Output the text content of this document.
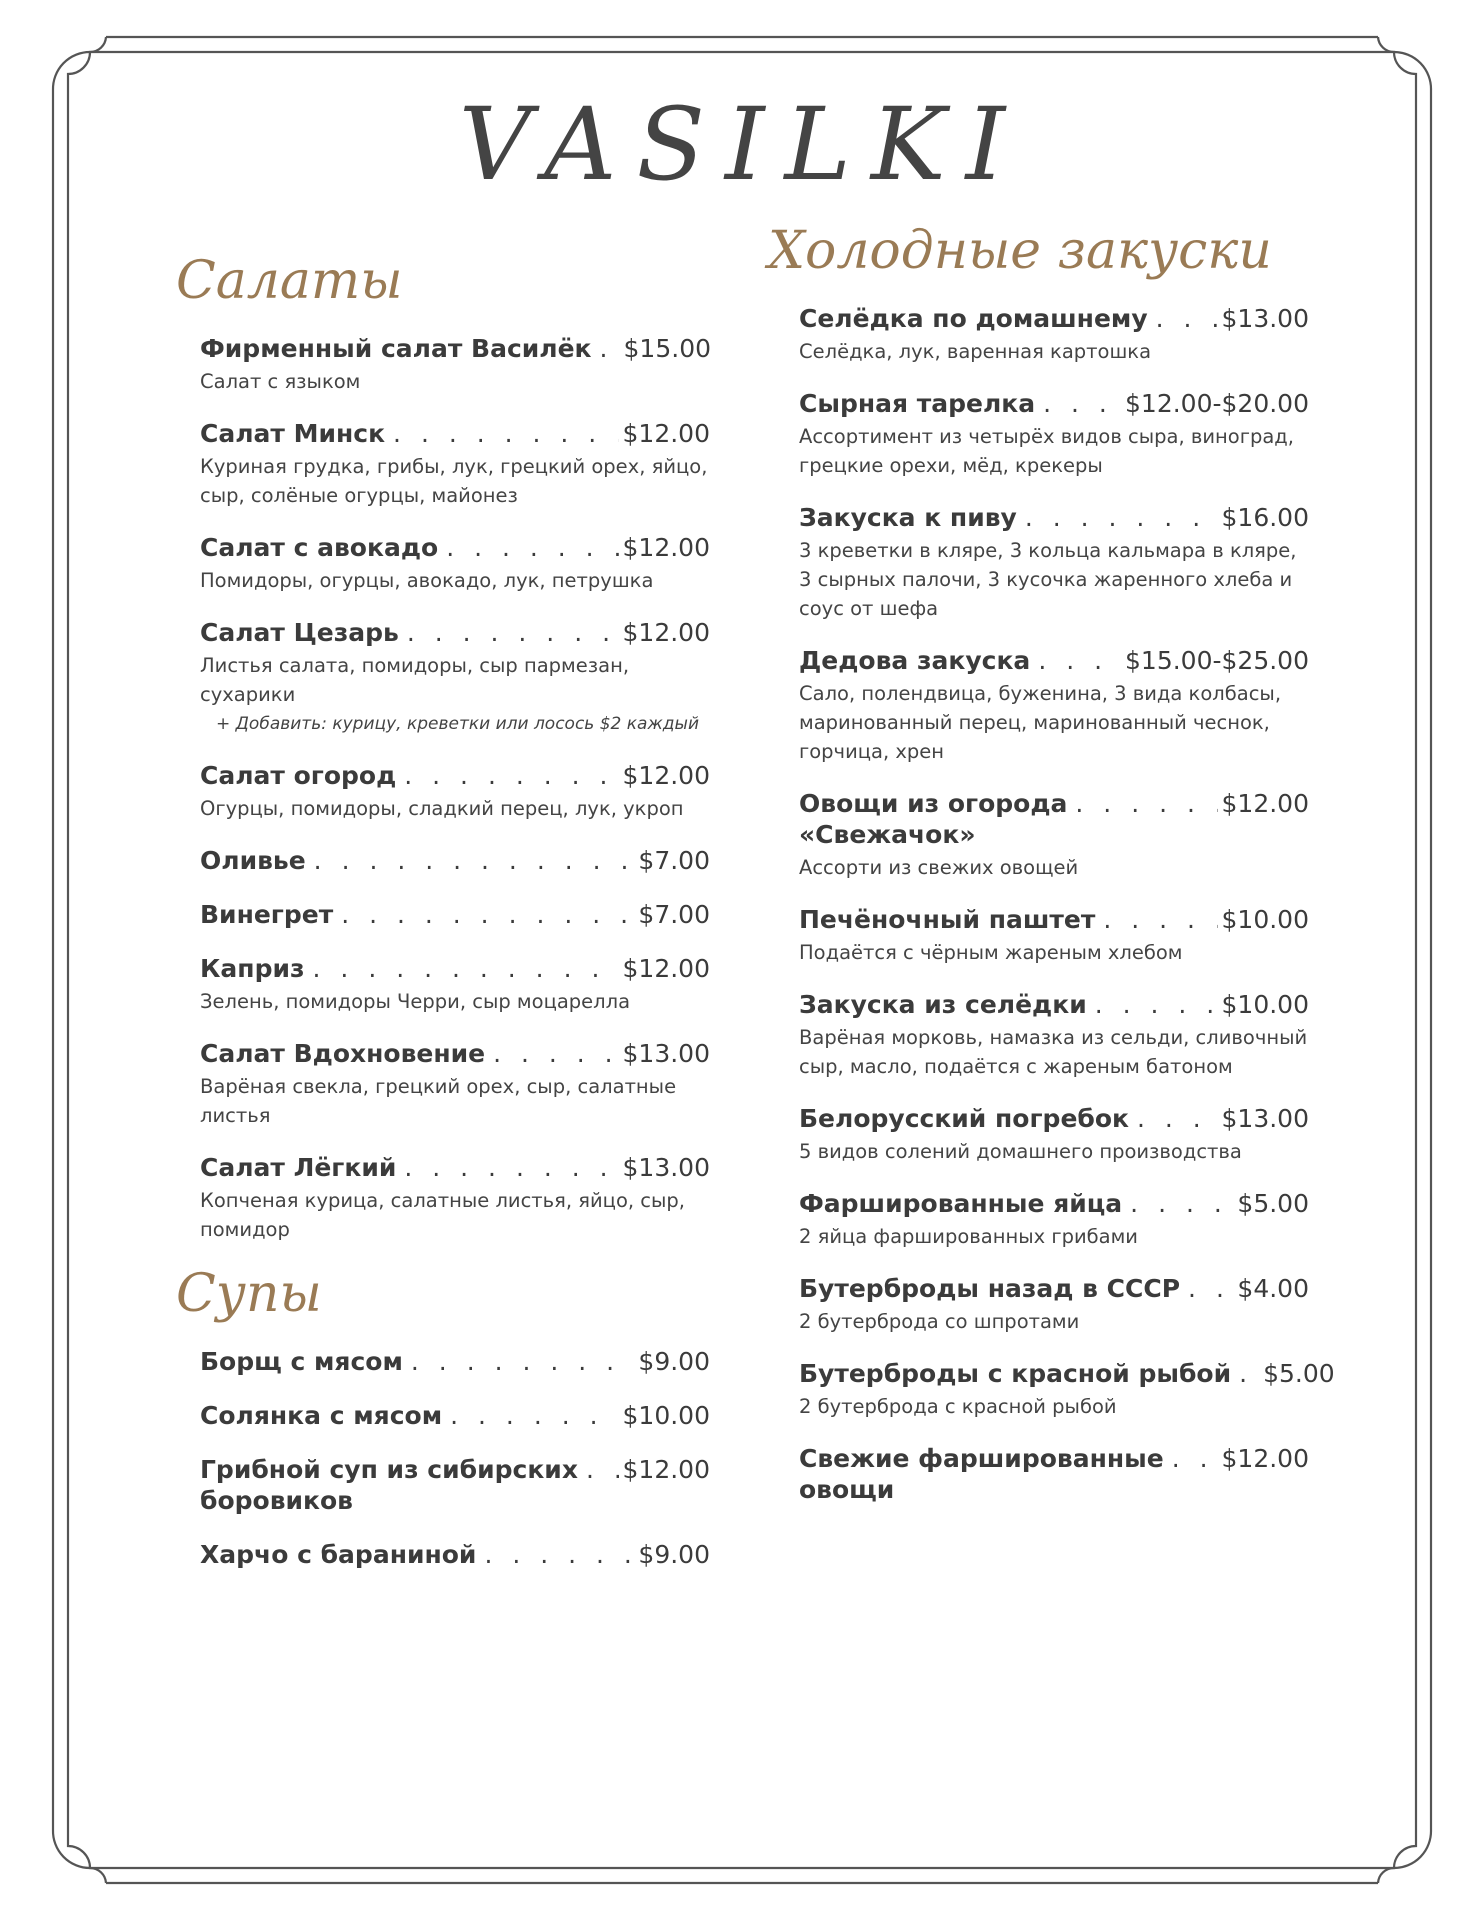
VASILKI
Салаты
Фирменный салат Василёк . . . $15.00
Салат с языком
Салат Минск . . .	$12.00
Куриная грудка, грибы, лук, грецкий орех, яйцо, сыр, солёные огурцы, майонез
Салат с авокадо . . .	$12.00
Помидоры, огурцы, авокадо, лук, петрушка
Салат Цезарь . . .	$12.00
Листья салата, помидоры, сыр пармезан, сухарики
+ Добавить: курицу, креветки или лосось $2 каждый
Салат огород . . .	$12.00
Огурцы, помидоры, сладкий перец, лук, укроп
Оливье . . .	$7.00
Винегрет . . .	$7.00
Каприз . . .	$12.00
Зелень, помидоры Черри, сыр моцарелла
Салат Вдохновение . . .	$13.00
Варёная свекла, грецкий орех, сыр, салатные листья
Салат Лёгкий . . .	$13.00
Копченая курица, салатные листья, яйцо, сыр, помидор
Супы
Борщ с мясом . . .	$9.00
Солянка с мясом . . .	$10.00
Грибной суп из сибирских . . . $12.00
боровиков
Харчо с бараниной . . .	$9.00
Холодные закуски
Селёдка по домашнему . . .	$13.00
Селёдка, лук, варенная картошка
Сырная тарелка . . .	$12.00-$20.00
Ассортимент из четырёх видов сыра, виноград, грецкие орехи, мёд, крекеры
Закуска к пиву . . .	$16.00
3 креветки в кляре, 3 кольца кальмара в кляре, 3 сырных палочи, 3 кусочка жаренного хлеба и соус от шефа
Дедова закуска . . .	$15.00-$25.00
Сало, полендвица, буженина, 3 вида колбасы, маринованный перец, маринованный чеснок, горчица, хрен
Овощи из огорода . . .	$12.00
«Свежачок»
Ассорти из свежих овощей
Печёночный паштет . . .	$10.00
Подаётся с чёрным жареным хлебом
Закуска из селёдки . . .	$10.00
Варёная морковь, намазка из сельди, сливочный сыр, масло, подаётся с жареным батоном
Белорусский погребок . . .	$13.00
5 видов солений домашнего производства
Фаршированные яйца . . .	$5.00
2 яйца фаршированных грибами
Бутерброды назад в СССР . . . $4.00
2 бутерброда со шпротами
Бутерброды с красной рыбой . . . $5.00
2 бутерброда с красной рыбой
Свежие фаршированные . . . $12.00
овощи
